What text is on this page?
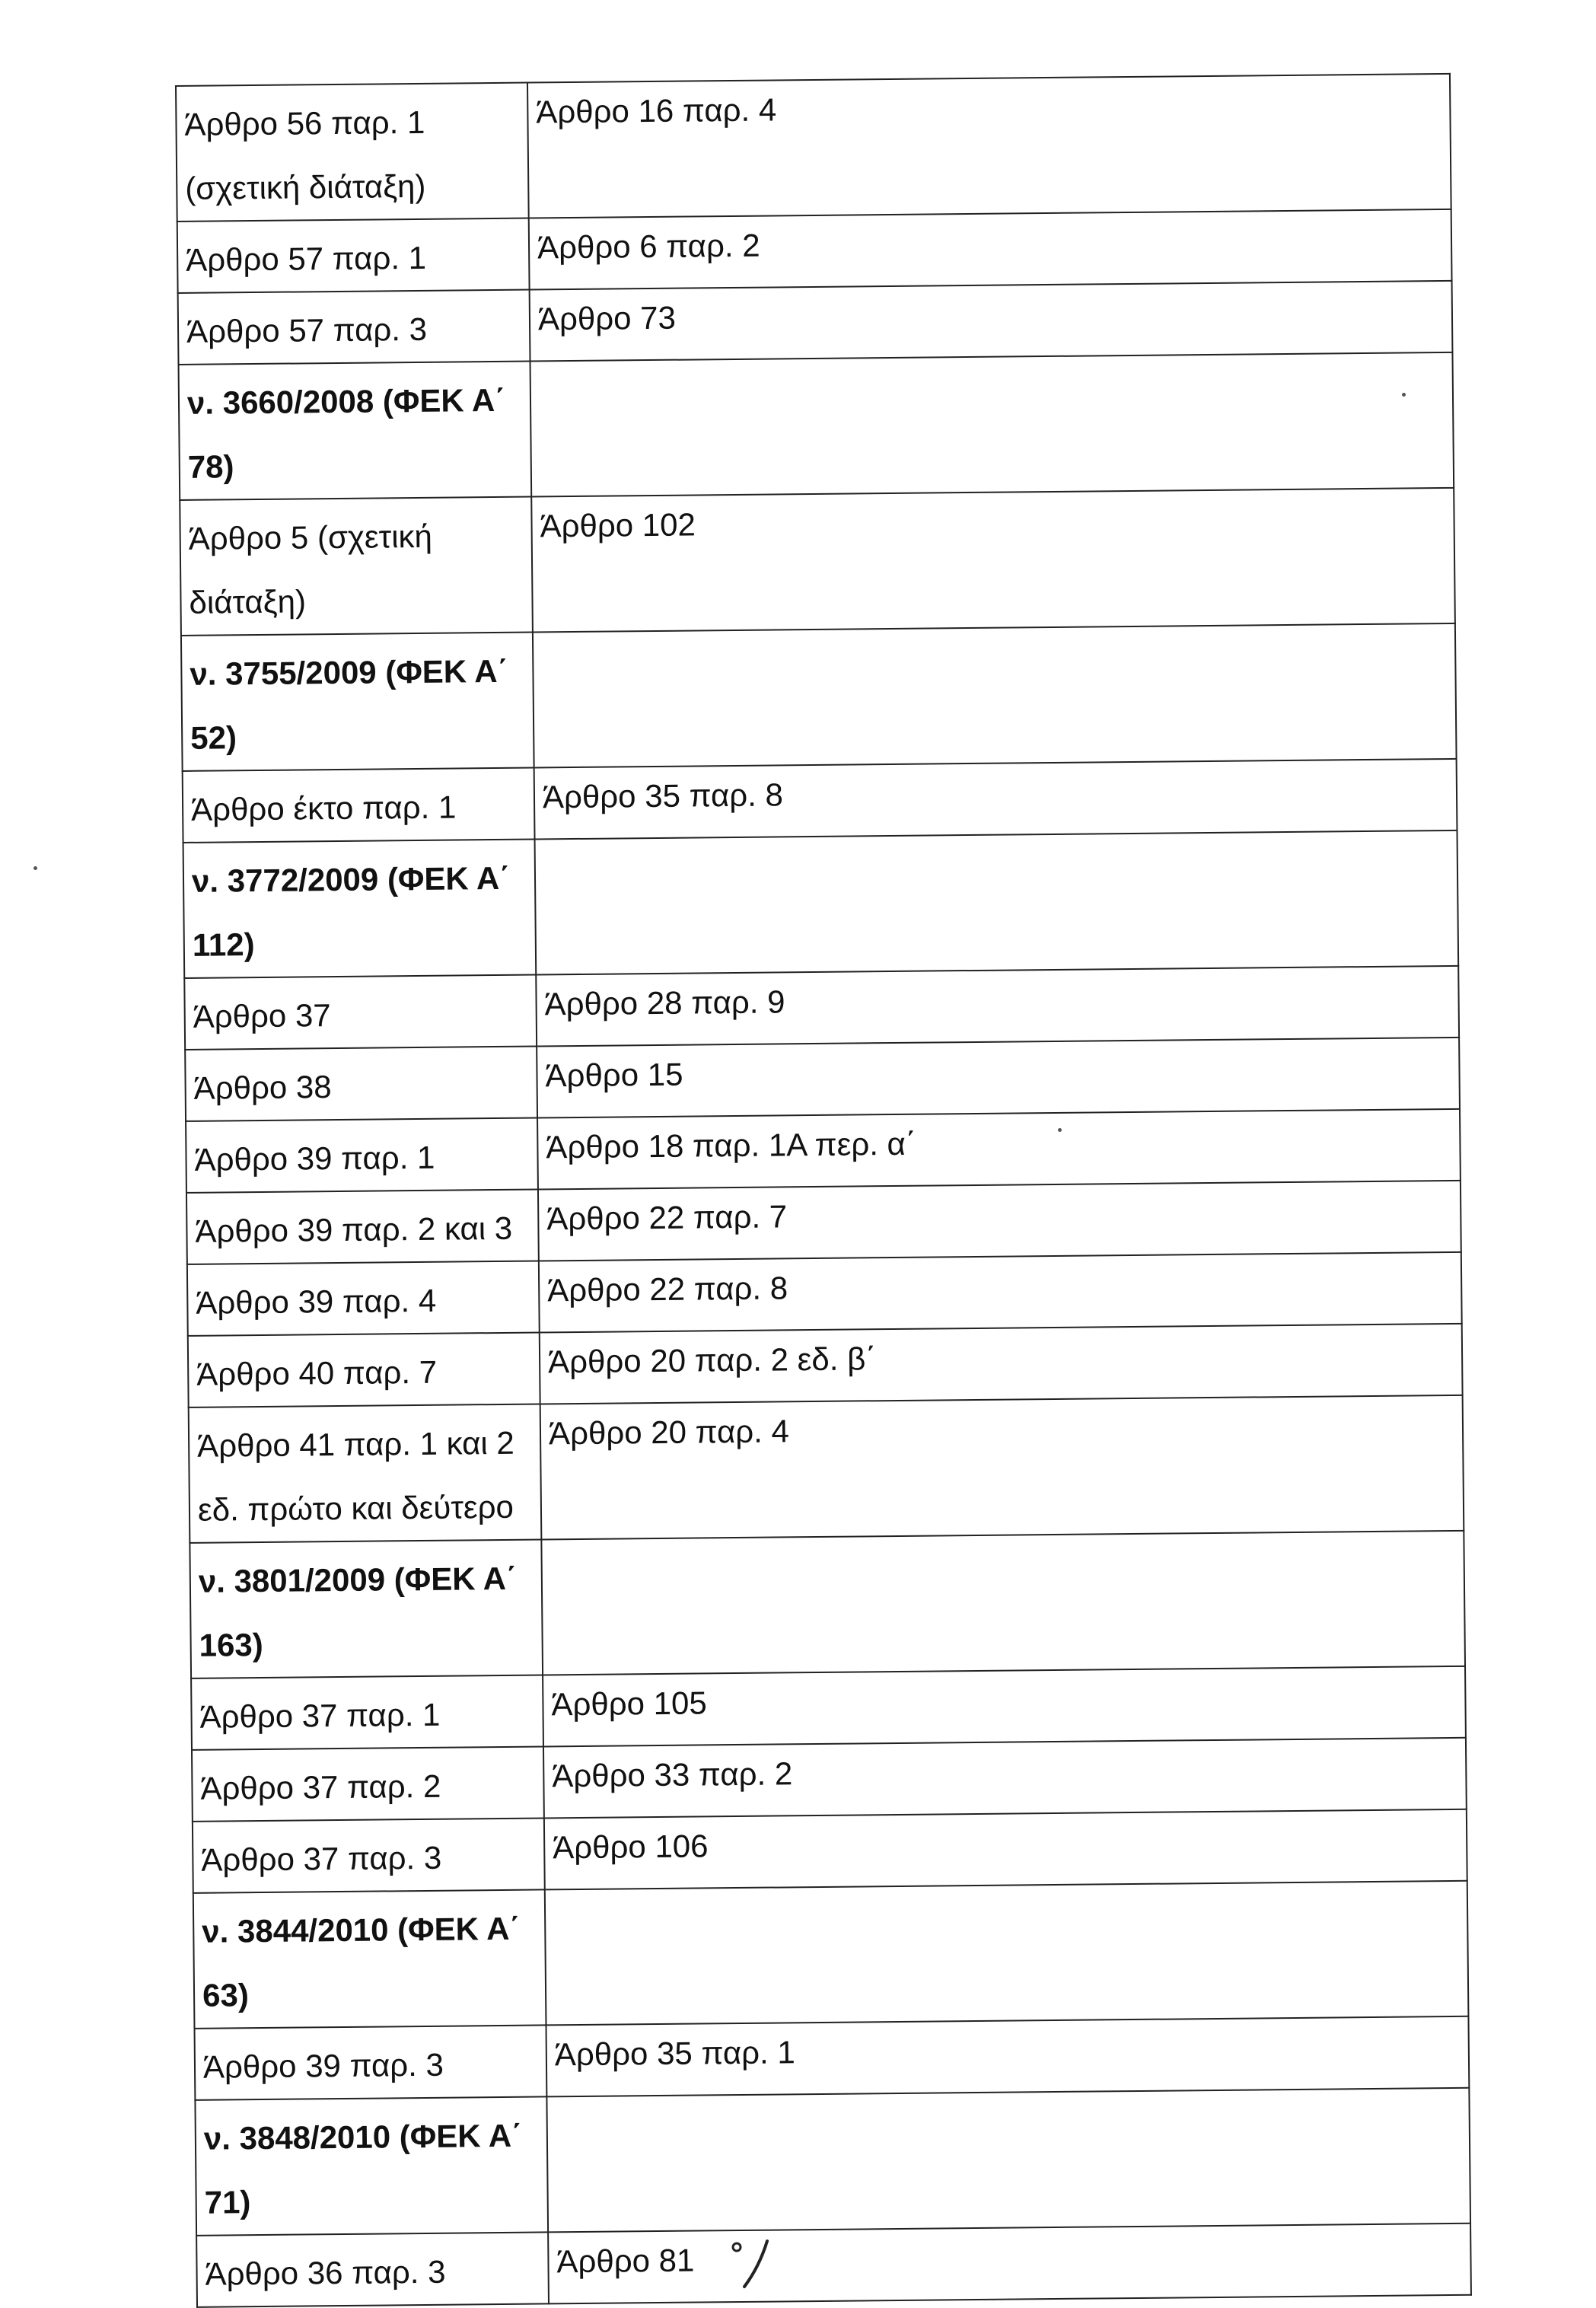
Άρθρο 56 παρ. 1 (σχετική διάταξη)	Άρθρο 16 παρ. 4
Άρθρο 57 παρ. 1	Άρθρο 6 παρ. 2
Άρθρο 57 παρ. 3	Άρθρο 73
ν. 3660/2008 (ΦΕΚ Α΄ 78)	
Άρθρο 5 (σχετική διάταξη)	Άρθρο 102
ν. 3755/2009 (ΦΕΚ Α΄ 52)	
Άρθρο έκτο παρ. 1	Άρθρο 35 παρ. 8
ν. 3772/2009 (ΦΕΚ Α΄ 112)	
Άρθρο 37	Άρθρο 28 παρ. 9
Άρθρο 38	Άρθρο 15
Άρθρο 39 παρ. 1	Άρθρο 18 παρ. 1Α περ. α΄
Άρθρο 39 παρ. 2 και 3	Άρθρο 22 παρ. 7
Άρθρο 39 παρ. 4	Άρθρο 22 παρ. 8
Άρθρο 40 παρ. 7	Άρθρο 20 παρ. 2 εδ. β΄
Άρθρο 41 παρ. 1 και 2 εδ. πρώτο και δεύτερο	Άρθρο 20 παρ. 4
ν. 3801/2009 (ΦΕΚ Α΄ 163)	
Άρθρο 37 παρ. 1	Άρθρο 105
Άρθρο 37 παρ. 2	Άρθρο 33 παρ. 2
Άρθρο 37 παρ. 3	Άρθρο 106
ν. 3844/2010 (ΦΕΚ Α΄ 63)	
Άρθρο 39 παρ. 3	Άρθρο 35 παρ. 1
ν. 3848/2010 (ΦΕΚ Α΄ 71)	
Άρθρο 36 παρ. 3	Άρθρο 81
